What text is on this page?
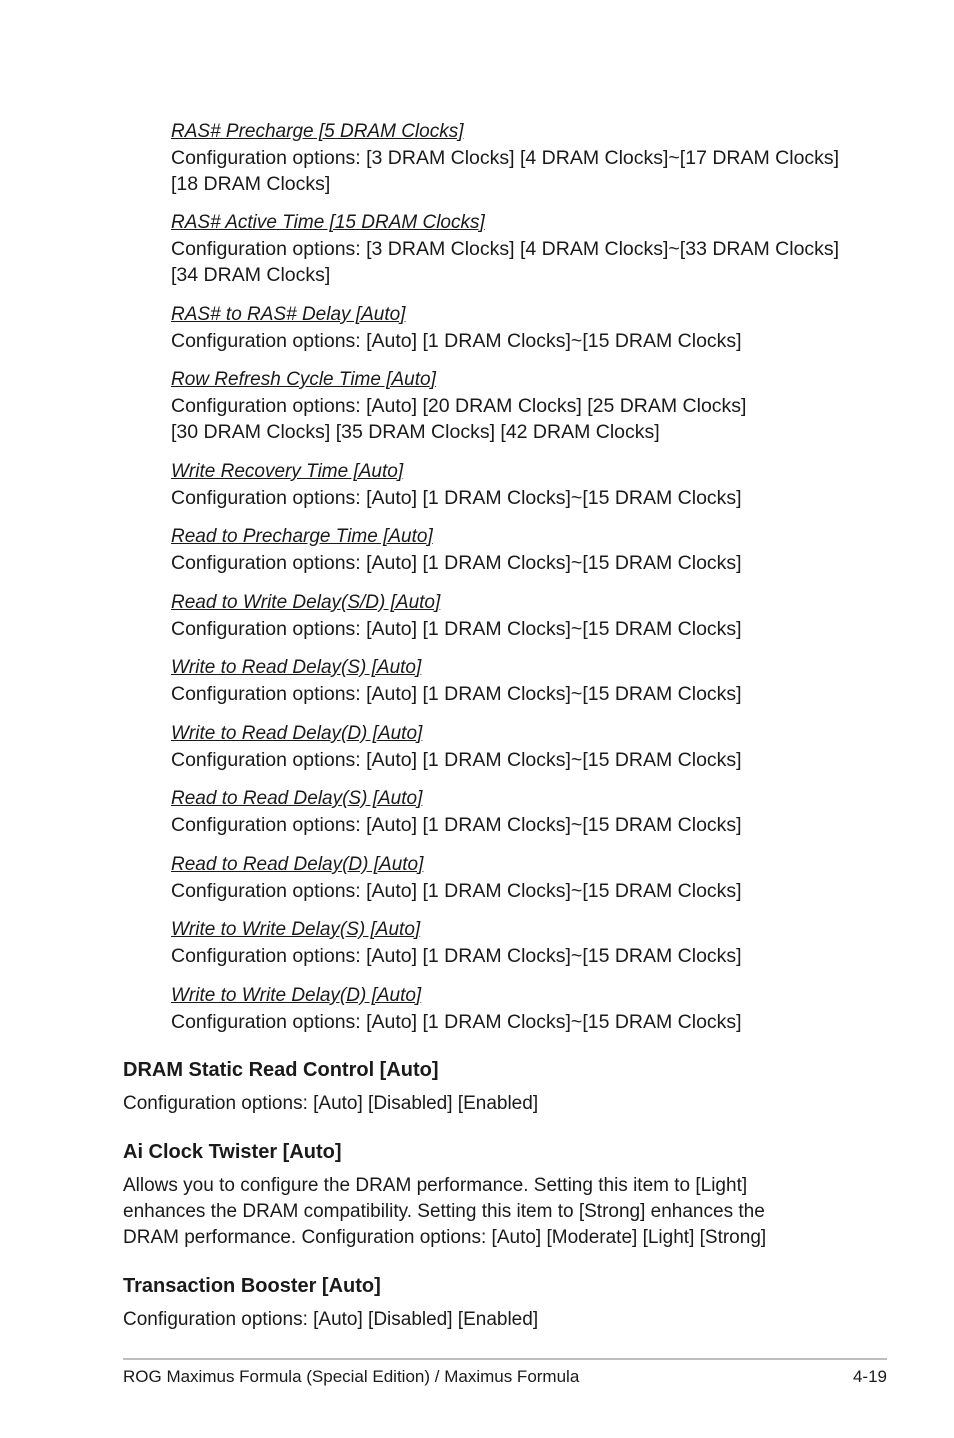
RAS# Precharge [5 DRAM Clocks]
Configuration options: [3 DRAM Clocks] [4 DRAM Clocks]~[17 DRAM Clocks]
[18 DRAM Clocks]
RAS# Active Time [15 DRAM Clocks]
Configuration options: [3 DRAM Clocks] [4 DRAM Clocks]~[33 DRAM Clocks]
[34 DRAM Clocks]
RAS# to RAS# Delay [Auto]
Configuration options: [Auto] [1 DRAM Clocks]~[15 DRAM Clocks]
Row Refresh Cycle Time [Auto]
Configuration options: [Auto] [20 DRAM Clocks] [25 DRAM Clocks]
[30 DRAM Clocks] [35 DRAM Clocks] [42 DRAM Clocks]
Write Recovery Time [Auto]
Configuration options: [Auto] [1 DRAM Clocks]~[15 DRAM Clocks]
Read to Precharge Time [Auto]
Configuration options: [Auto] [1 DRAM Clocks]~[15 DRAM Clocks]
Read to Write Delay(S/D) [Auto]
Configuration options: [Auto] [1 DRAM Clocks]~[15 DRAM Clocks]
Write to Read Delay(S) [Auto]
Configuration options: [Auto] [1 DRAM Clocks]~[15 DRAM Clocks]
Write to Read Delay(D) [Auto]
Configuration options: [Auto] [1 DRAM Clocks]~[15 DRAM Clocks]
Read to Read Delay(S) [Auto]
Configuration options: [Auto] [1 DRAM Clocks]~[15 DRAM Clocks]
Read to Read Delay(D) [Auto]
Configuration options: [Auto] [1 DRAM Clocks]~[15 DRAM Clocks]
Write to Write Delay(S) [Auto]
Configuration options: [Auto] [1 DRAM Clocks]~[15 DRAM Clocks]
Write to Write Delay(D) [Auto]
Configuration options: [Auto] [1 DRAM Clocks]~[15 DRAM Clocks]
DRAM Static Read Control [Auto]
Configuration options: [Auto] [Disabled] [Enabled]
Ai Clock Twister [Auto]
Allows you to configure the DRAM performance. Setting this item to [Light]
enhances the DRAM compatibility. Setting this item to [Strong] enhances the
DRAM performance. Configuration options: [Auto] [Moderate] [Light] [Strong]
Transaction Booster [Auto]
Configuration options: [Auto] [Disabled] [Enabled]
ROG Maximus Formula (Special Edition) / Maximus Formula	4-19
